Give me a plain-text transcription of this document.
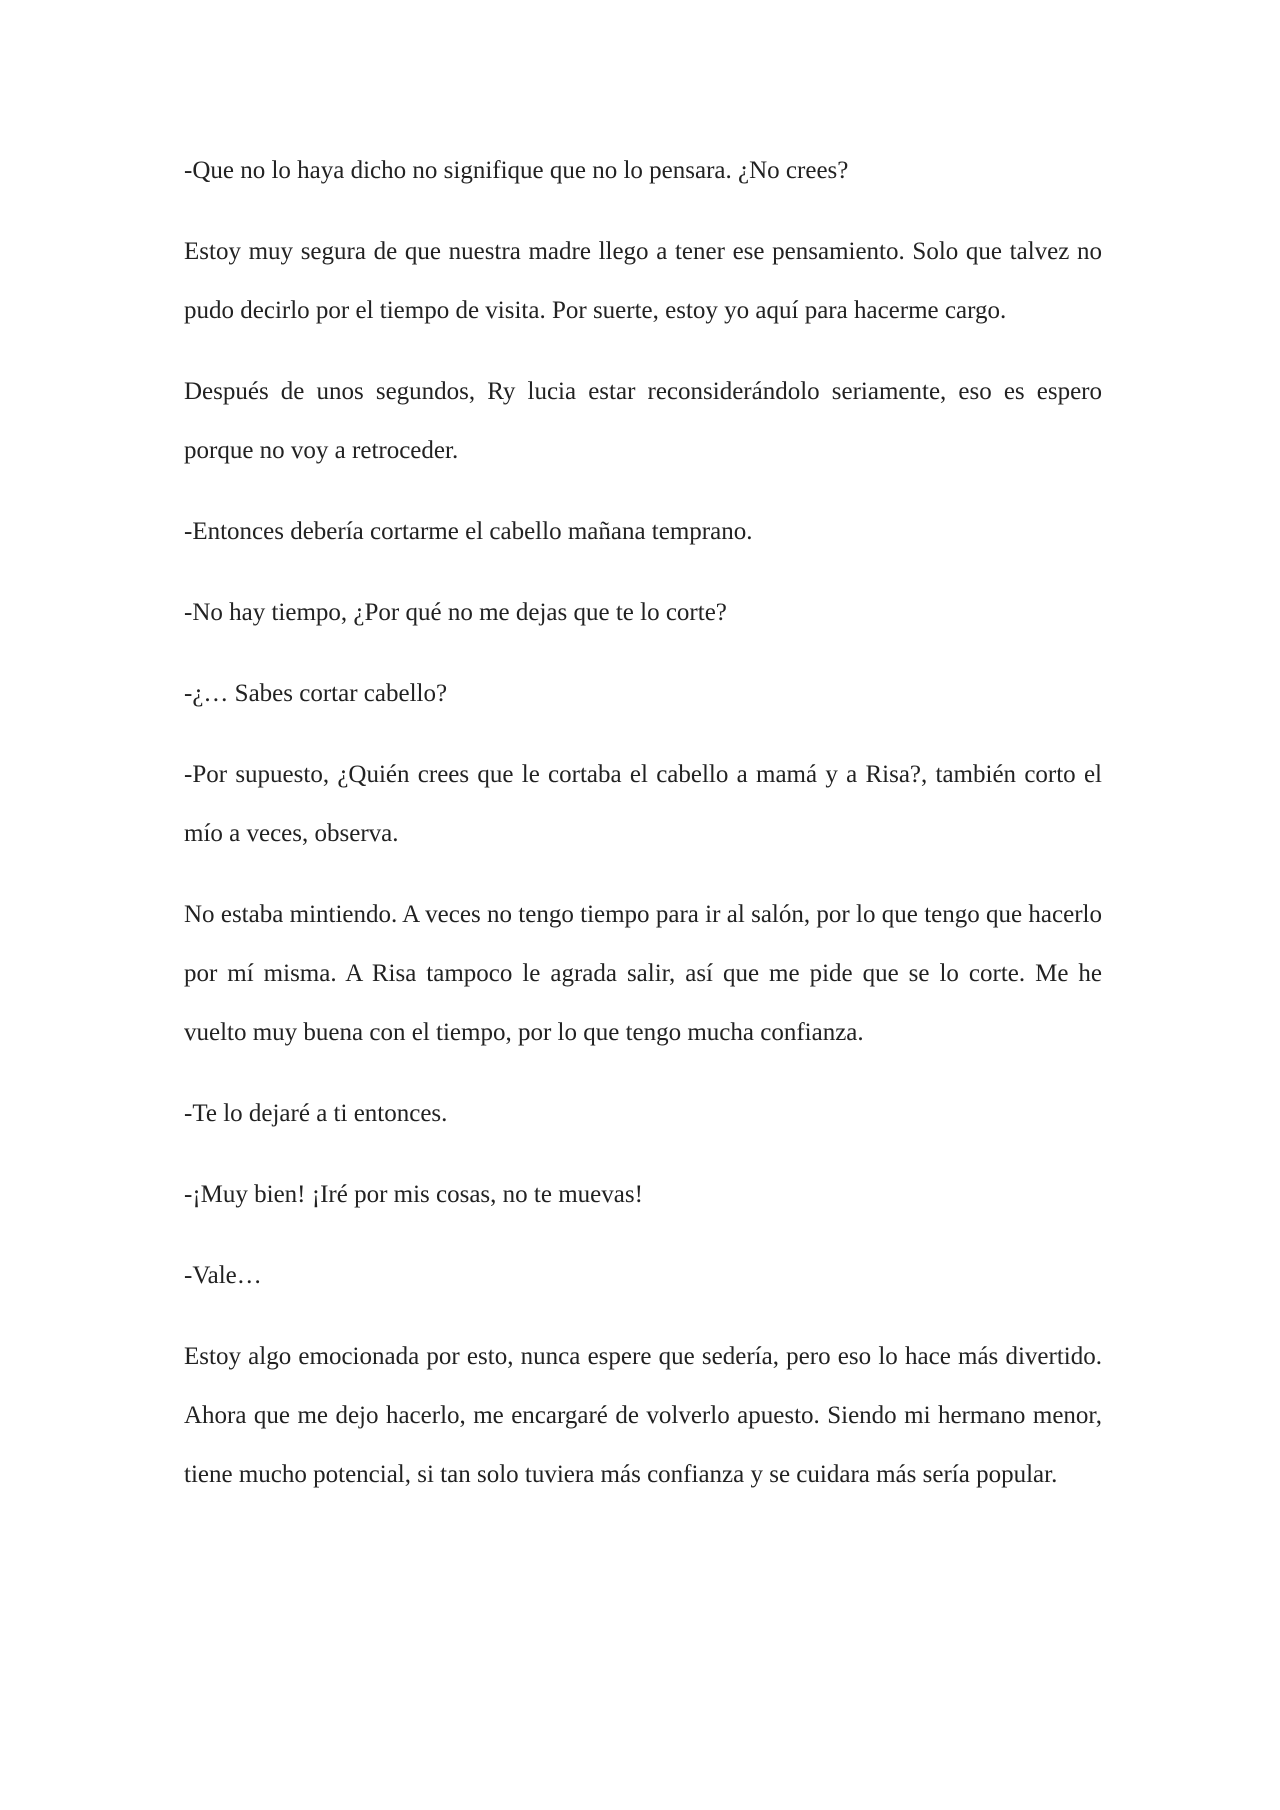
-Que no lo haya dicho no signifique que no lo pensara. ¿No crees?

Estoy muy segura de que nuestra madre llego a tener ese pensamiento. Solo que talvez no pudo decirlo por el tiempo de visita. Por suerte, estoy yo aquí para hacerme cargo.

Después de unos segundos, Ry lucia estar reconsiderándolo seriamente, eso es espero porque no voy a retroceder.

-Entonces debería cortarme el cabello mañana temprano.

-No hay tiempo, ¿Por qué no me dejas que te lo corte?

-¿… Sabes cortar cabello?

-Por supuesto, ¿Quién crees que le cortaba el cabello a mamá y a Risa?, también corto el mío a veces, observa.

No estaba mintiendo. A veces no tengo tiempo para ir al salón, por lo que tengo que hacerlo por mí misma. A Risa tampoco le agrada salir, así que me pide que se lo corte. Me he vuelto muy buena con el tiempo, por lo que tengo mucha confianza.

-Te lo dejaré a ti entonces.

-¡Muy bien! ¡Iré por mis cosas, no te muevas!

-Vale…

Estoy algo emocionada por esto, nunca espere que sedería, pero eso lo hace más divertido. Ahora que me dejo hacerlo, me encargaré de volverlo apuesto. Siendo mi hermano menor, tiene mucho potencial, si tan solo tuviera más confianza y se cuidara más sería popular.
